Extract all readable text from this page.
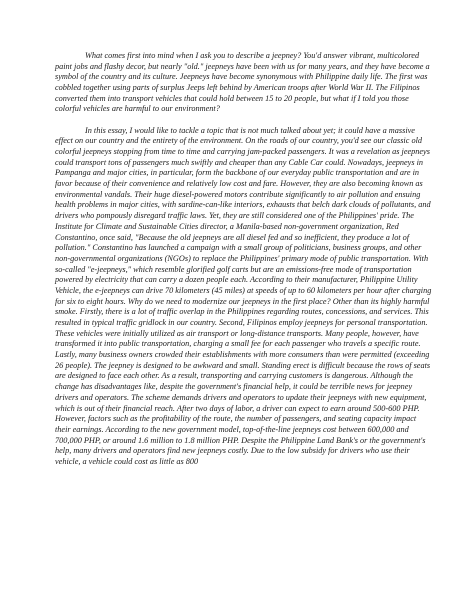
What comes first into mind when I ask you to describe a jeepney? You'd answer vibrant, multicolored paint jobs and flashy decor, but nearly "old." jeepneys have been with us for many years, and they have become a symbol of the country and its culture. Jeepneys have become synonymous with Philippine daily life. The first was cobbled together using parts of surplus Jeeps left behind by American troops after World War II. The Filipinos converted them into transport vehicles that could hold between 15 to 20 people, but what if I told you those colorful vehicles are harmful to our environment?

In this essay, I would like to tackle a topic that is not much talked about yet; it could have a massive effect on our country and the entirety of the environment. On the roads of our country, you'd see our classic old colorful jeepneys stopping from time to time and carrying jam-packed passengers. It was a revelation as jeepneys could transport tons of passengers much swiftly and cheaper than any Cable Car could. Nowadays, jeepneys in Pampanga and major cities, in particular, form the backbone of our everyday public transportation and are in favor because of their convenience and relatively low cost and fare. However, they are also becoming known as environmental vandals. Their huge diesel-powered motors contribute significantly to air pollution and ensuing health problems in major cities, with sardine-can-like interiors, exhausts that belch dark clouds of pollutants, and drivers who pompously disregard traffic laws. Yet, they are still considered one of the Philippines' pride. The Institute for Climate and Sustainable Cities director, a Manila-based non-government organization, Red Constantino, once said, "Because the old jeepneys are all diesel fed and so inefficient, they produce a lot of pollution." Constantino has launched a campaign with a small group of politicians, business groups, and other non-governmental organizations (NGOs) to replace the Philippines' primary mode of public transportation. With so-called "e-jeepneys," which resemble glorified golf carts but are an emissions-free mode of transportation powered by electricity that can carry a dozen people each. According to their manufacturer, Philippine Utility Vehicle, the e-jeepneys can drive 70 kilometers (45 miles) at speeds of up to 60 kilometers per hour after charging for six to eight hours. Why do we need to modernize our jeepneys in the first place? Other than its highly harmful smoke. Firstly, there is a lot of traffic overlap in the Philippines regarding routes, concessions, and services. This resulted in typical traffic gridlock in our country. Second, Filipinos employ jeepneys for personal transportation. These vehicles were initially utilized as air transport or long-distance transports. Many people, however, have transformed it into public transportation, charging a small fee for each passenger who travels a specific route. Lastly, many business owners crowded their establishments with more consumers than were permitted (exceeding 26 people). The jeepney is designed to be awkward and small. Standing erect is difficult because the rows of seats are designed to face each other. As a result, transporting and carrying customers is dangerous. Although the change has disadvantages like, despite the government's financial help, it could be terrible news for jeepney drivers and operators. The scheme demands drivers and operators to update their jeepneys with new equipment, which is out of their financial reach. After two days of labor, a driver can expect to earn around 500-600 PHP. However, factors such as the profitability of the route, the number of passengers, and seating capacity impact their earnings. According to the new government model, top-of-the-line jeepneys cost between 600,000 and 700,000 PHP, or around 1.6 million to 1.8 million PHP. Despite the Philippine Land Bank's or the government's help, many drivers and operators find new jeepneys costly. Due to the low subsidy for drivers who use their vehicle, a vehicle could cost as little as 800
